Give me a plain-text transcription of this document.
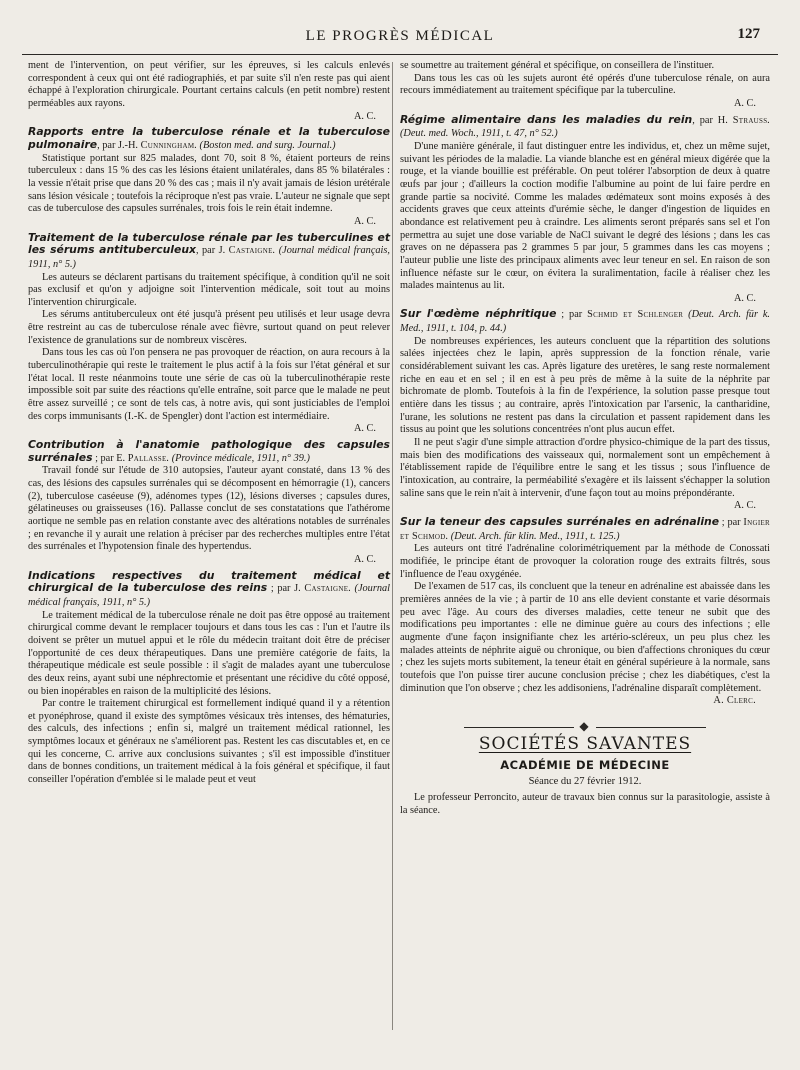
LE PROGRÈS MÉDICAL	127

ment de l'intervention, on peut vérifier, sur les épreuves, si les calculs enlevés correspondent à ceux qui ont été radiographiés, et par suite s'il n'en reste pas qui aient échappé à l'exploration chirurgicale. Pourtant certains calculs (en petit nombre) restent perméables aux rayons.

A. C.
Rapports entre la tuberculose rénale et la tuberculose pulmonaire, par J.-H. Cunningham. (Boston med. and surg. Journal.)

Statistique portant sur 825 malades, dont 70, soit 8 %, étaient porteurs de reins tuberculeux : dans 15 % des cas les lésions étaient unilatérales, dans 85 % bilatérales : la vessie n'était prise que dans 20 % des cas ; mais il n'y avait jamais de lésion urétérale sans lésion vésicale ; toutefois la réciproque n'est pas vraie. L'auteur ne signale que sept cas de tuberculose des capsules surrénales, trois fois le rein était indemne.

A. C.
Traitement de la tuberculose rénale par les tuberculines et les sérums antituberculeux, par J. Castaigne. (Journal médical français, 1911, n° 5.)

Les auteurs se déclarent partisans du traitement spécifique, à condition qu'il ne soit pas exclusif et qu'on y adjoigne soit l'intervention médicale, soit tout au moins l'intervention chirurgicale.

Les sérums antituberculeux ont été jusqu'à présent peu utilisés et leur usage devra être restreint au cas de tuberculose rénale avec fièvre, surtout quand on peut relever l'existence de granulations sur de nombreux viscères.

Dans tous les cas où l'on pensera ne pas provoquer de réaction, on aura recours à la tuberculinothérapie qui reste le traitement le plus actif à la fois sur l'état général et sur l'état local. Il reste néanmoins toute une série de cas où la tuberculinothérapie reste impossible soit par suite des réactions qu'elle entraîne, soit parce que le malade ne peut être assez surveillé ; ce sont de tels cas, à notre avis, qui sont justiciables de l'emploi des corps immunisants (I.-K. de Spengler) dont l'action est intermédiaire.

A. C.
Contribution à l'anatomie pathologique des capsules surrénales ; par E. Pallasse. (Province médicale, 1911, n° 39.)

Travail fondé sur l'étude de 310 autopsies, l'auteur ayant constaté, dans 13 % des cas, des lésions des capsules surrénales qui se décomposent en hémorragie (1), cancers (2), tuberculose caséeuse (9), adénomes types (12), lésions diverses ; capsules dures, gélatineuses ou graisseuses (16). Pallasse conclut de ses constatations que l'athérome aortique ne semble pas en relation constante avec des altérations notables de surrénales ; en revanche il y aurait une relation à préciser par des recherches multiples entre l'état des surrénales et l'hypotension finale des hypertendus.

A. C.
Indications respectives du traitement médical et chirurgical de la tuberculose des reins ; par J. Castaigne. (Journal médical français, 1911, n° 5.)

Le traitement médical de la tuberculose rénale ne doit pas être opposé au traitement chirurgical comme devant le remplacer toujours et dans tous les cas : l'un et l'autre ils doivent se prêter un mutuel appui et le rôle du médecin traitant doit être de préciser l'opportunité de ces deux thérapeutiques. Dans une première catégorie de faits, la thérapeutique médicale est seule possible : il s'agit de malades ayant une tuberculose des deux reins, ayant subi une néphrectomie et présentant une récidive du côté opposé, ou bien inopérables en raison de la multiplicité des lésions.

Par contre le traitement chirurgical est formellement indiqué quand il y a rétention et pyonéphrose, quand il existe des symptômes vésicaux très intenses, des hématuries, des calculs, des infections ; enfin si, malgré un traitement médical rationnel, les symptômes locaux et généraux ne s'améliorent pas. Restent les cas discutables et, en ce qui les concerne, C. arrive aux conclusions suivantes ; s'il est impossible d'instituer dans de bonnes conditions, un traitement médical à la fois général et spécifique, il faut conseiller l'opération d'emblée si le malade peut et veut

se soumettre au traitement général et spécifique, on conseillera de l'instituer.

Dans tous les cas où les sujets auront été opérés d'une tuberculose rénale, on aura recours immédiatement au traitement spécifique par la tuberculine.

A. C.
Régime alimentaire dans les maladies du rein, par H. Strauss. (Deut. med. Woch., 1911, t. 47, n° 52.)

D'une manière générale, il faut distinguer entre les individus, et, chez un même sujet, suivant les périodes de la maladie. La viande blanche est en général mieux digérée que la rouge, et la viande bouillie est préférable. On peut tolérer l'absorption de deux à quatre œufs par jour ; d'ailleurs la coction modifie l'albumine au point de lui faire perdre en grande partie sa nocivité. Comme les malades œdémateux sont moins exposés à des accidents graves que ceux atteints d'urémie sèche, le danger d'ingestion de liquides en abondance est relativement peu à craindre. Les aliments seront préparés sans sel et l'on permettra au sujet une dose variable de NaCl suivant le degré des lésions ; dans les cas graves on ne dépassera pas 2 grammes 5 par jour, 5 grammes dans les cas moyens ; l'auteur publie une liste des principaux aliments avec leur teneur en sel. En raison de son influence néfaste sur le cœur, on évitera la suralimentation, facile à réaliser chez les malades maintenus au lit.

A. C.
Sur l'œdème néphritique ; par Schmid et Schlenger (Deut. Arch. für k. Med., 1911, t. 104, p. 44.)

De nombreuses expériences, les auteurs concluent que la répartition des solutions salées injectées chez le lapin, après suppression de la fonction rénale, varie considérablement suivant les cas. Après ligature des uretères, le sang reste normalement riche en eau et en sel ; il en est à peu près de même à la suite de la néphrite par bichromate de plomb. Toutefois à la fin de l'expérience, la solution passe presque tout entière dans les tissus ; au contraire, après l'intoxication par l'arsenic, la cantharidine, l'urane, les solutions ne restent pas dans la circulation et passent rapidement dans les tissus au point que les solutions concentrées n'ont plus aucun effet.

Il ne peut s'agir d'une simple attraction d'ordre physico-chimique de la part des tissus, mais bien des modifications des vaisseaux qui, normalement sont un empêchement à l'établissement rapide de l'équilibre entre le sang et les tissus ; sous l'influence de l'intoxication, au contraire, la perméabilité s'exagère et ils laissent s'échapper la solution saline sans que le rein n'ait à intervenir, d'une façon tout au moins prépondérante.

A. C.
Sur la teneur des capsules surrénales en adrénaline ; par Ingier et Schmod. (Deut. Arch. für klin. Med., 1911, t. 125.)

Les auteurs ont titré l'adrénaline colorimétriquement par la méthode de Conossati modifiée, le principe étant de provoquer la coloration rouge des extraits filtrés, sous l'influence de l'eau oxygénée.

De l'examen de 517 cas, ils concluent que la teneur en adrénaline est abaissée dans les premières années de la vie ; à partir de 10 ans elle devient constante et varie désormais peu avec l'âge. Au cours des diverses maladies, cette teneur ne subit que des modifications peu importantes : elle ne diminue guère au cours des infections ; elle augmente d'une façon insignifiante chez les artério-scléreux, un peu plus chez les malades atteints de néphrite aiguë ou chronique, ou bien d'affections chroniques du cœur ; chez les sujets morts subitement, la teneur était en général supérieure à la normale, sans toutefois que l'on puisse tirer aucune conclusion précise ; chez les diabétiques, c'est la diminution que l'on observe ; chez les addisoniens, l'adrénaline disparaît complètement.

A. Clerc.
◆
SOCIÉTÉS SAVANTES
ACADÉMIE DE MÉDECINE
Séance du 27 février 1912.

Le professeur Perroncito, auteur de travaux bien connus sur la parasitologie, assiste à la séance.
